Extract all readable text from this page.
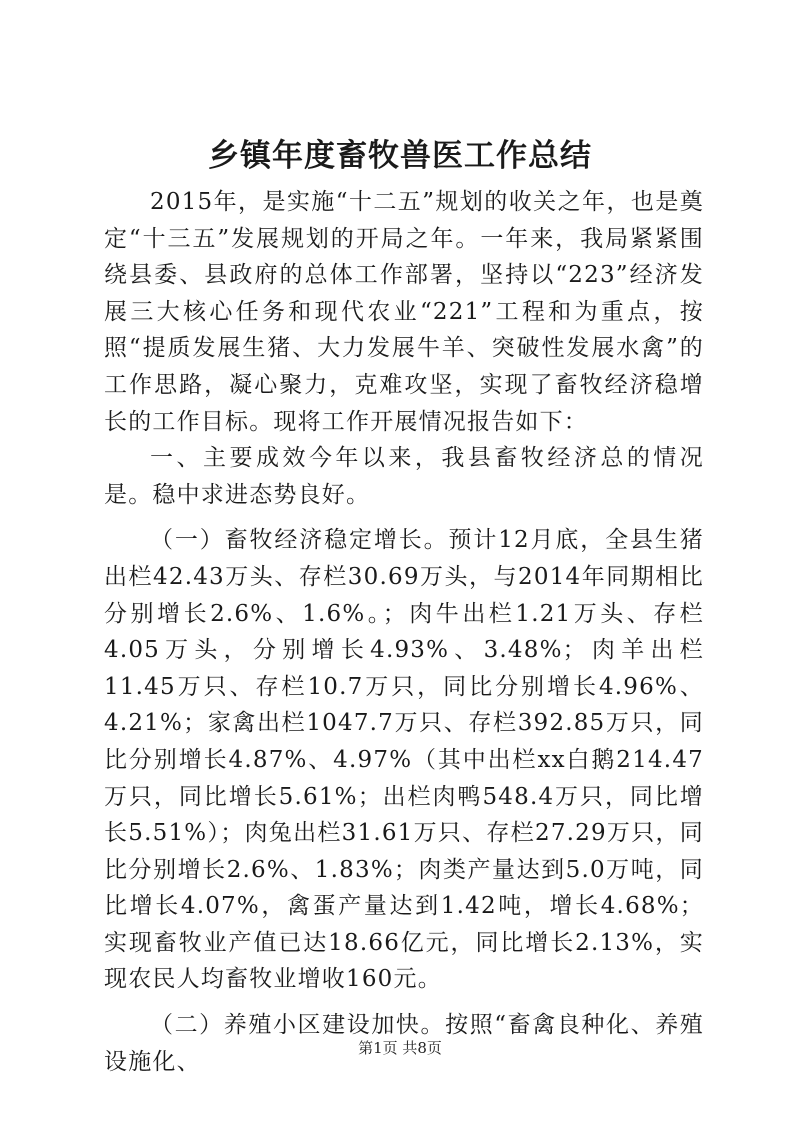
乡镇年度畜牧兽医工作总结

2015年，是实施“十二五”规划的收关之年，也是奠定“十三五”发展规划的开局之年。一年来，我局紧紧围绕县委、县政府的总体工作部署，坚持以“223”经济发展三大核心任务和现代农业“221”工程和为重点，按照“提质发展生猪、大力发展牛羊、突破性发展水禽”的工作思路，凝心聚力，克难攻坚，实现了畜牧经济稳增长的工作目标。现将工作开展情况报告如下：

一、主要成效今年以来，我县畜牧经济总的情况是。稳中求进态势良好。

（一）畜牧经济稳定增长。预计12月底，全县生猪出栏42.43万头、存栏30.69万头，与2014年同期相比分别增长2.6%、1.6%。；肉牛出栏1.21万头、存栏4.05万头，分别增长4.93%、3.48%；肉羊出栏11.45万只、存栏10.7万只，同比分别增长4.96%、4.21%；家禽出栏1047.7万只、存栏392.85万只，同比分别增长4.87%、4.97%（其中出栏xx白鹅214.47万只，同比增长5.61%；出栏肉鸭548.4万只，同比增长5.51%）；肉兔出栏31.61万只、存栏27.29万只，同比分别增长2.6%、1.83%；肉类产量达到5.0万吨，同比增长4.07%，禽蛋产量达到1.42吨，增长4.68%；实现畜牧业产值已达18.66亿元，同比增长2.13%，实现农民人均畜牧业增收160元。

（二）养殖小区建设加快。按照“畜禽良种化、养殖设施化、

第1页 共8页
